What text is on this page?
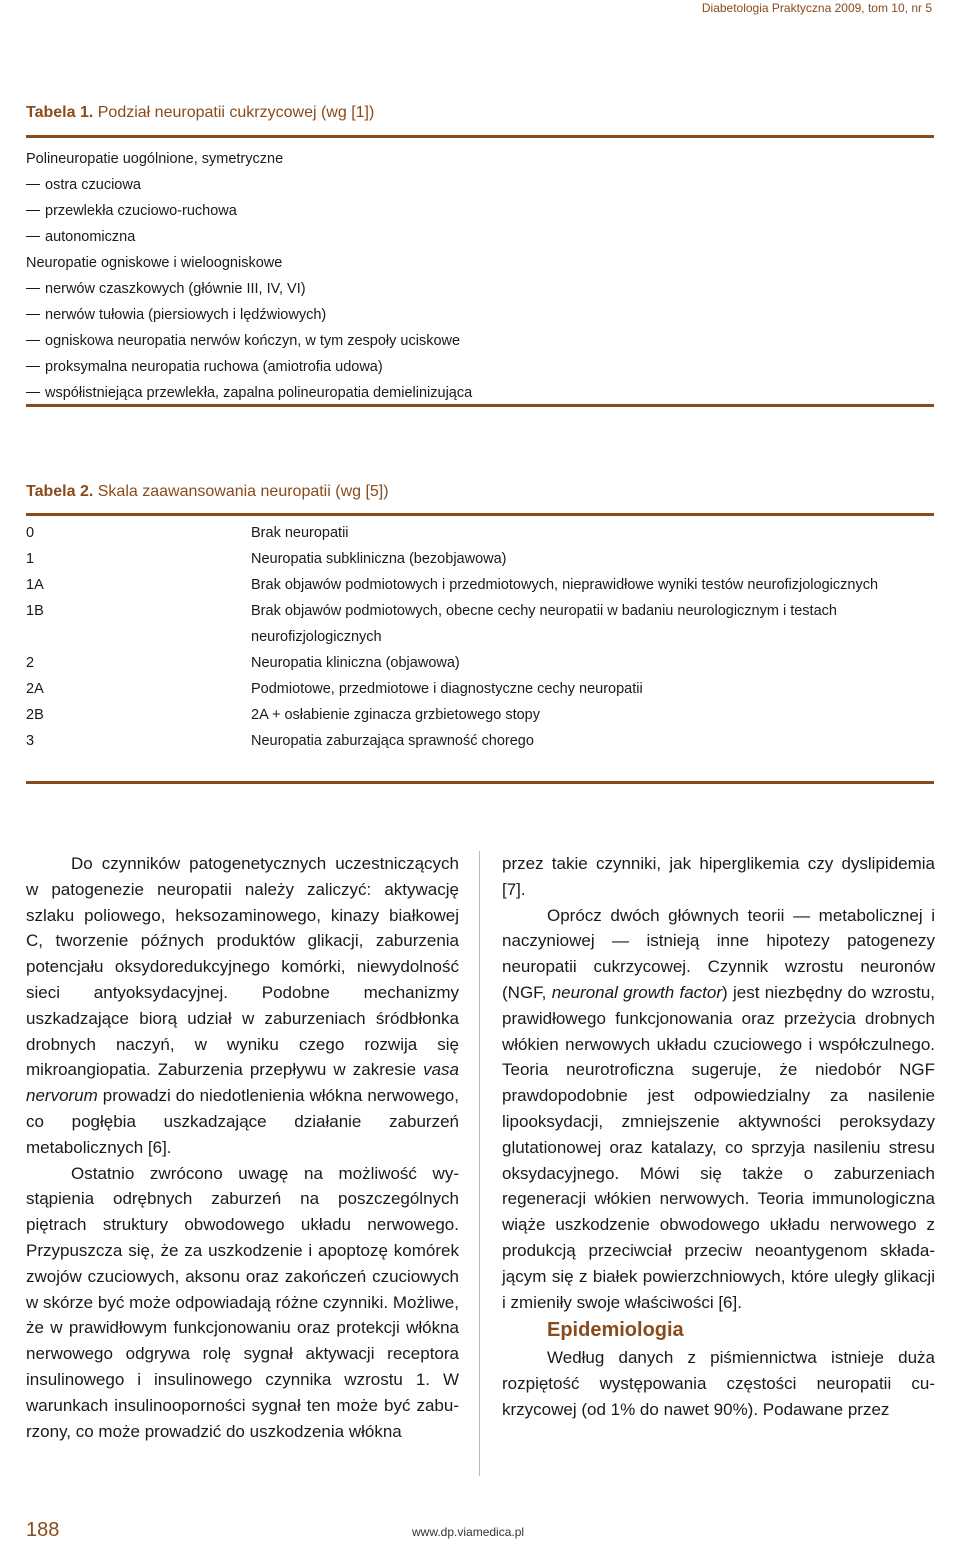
Diabetologia Praktyczna 2009, tom 10, nr 5
Tabela 1. Podział neuropatii cukrzycowej (wg [1])
Polineuropatie uogólnione, symetryczne
ostra czuciowa
przewlekła czuciowo-ruchowa
autonomiczna
Neuropatie ogniskowe i wieloogniskowe
nerwów czaszkowych (głównie III, IV, VI)
nerwów tułowia (piersiowych i lędźwiowych)
ogniskowa neuropatia nerwów kończyn, w tym zespoły uciskowe
proksymalna neuropatia ruchowa (amiotrofia udowa)
współistniejąca przewlekła, zapalna polineuropatia demielinizująca
Tabela 2. Skala zaawansowania neuropatii (wg [5])
0	Brak neuropatii
1	Neuropatia subkliniczna (bezobjawowa)
1A	Brak objawów podmiotowych i przedmiotowych, nieprawidłowe wyniki testów neurofizjologicznych
1B	Brak objawów podmiotowych, obecne cechy neuropatii w badaniu neurologicznym i testach neurofizjologicznych
2	Neuropatia kliniczna (objawowa)
2A	Podmiotowe, przedmiotowe i diagnostyczne cechy neuropatii
2B	2A + osłabienie zginacza grzbietowego stopy
3	Neuropatia zaburzająca sprawność chorego

Do czynników patogenetycznych uczestniczących w patogenezie neuropatii należy zaliczyć: aktywację szlaku poliowego, heksozaminowego, kinazy białkowej C, tworzenie późnych produktów glikacji, zaburzenia potencjału oksydoredukcyjnego komórki, niewydolność sieci antyoksydacyjnej. Podobne mechanizmy uszkadzające biorą udział w zaburzeniach śródbłonka drobnych naczyń, w wyniku czego rozwija się mikroangiopatia. Zaburzenia przepływu w zakresie vasa nervorum prowadzi do niedotlenienia włókna nerwowego, co pogłębia uszkadzające działanie zaburzeń metabolicznych [6].

Ostatnio zwrócono uwagę na możliwość wystąpienia odrębnych zaburzeń na poszczególnych piętrach struktury obwodowego układu nerwowego. Przypuszcza się, że za uszkodzenie i apoptozę komórek zwojów czuciowych, aksonu oraz zakończeń czuciowych w skórze być może odpowiadają różne czynniki. Możliwe, że w prawidłowym funkcjonowaniu oraz protekcji włókna nerwowego odgrywa rolę sygnał aktywacji receptora insulinowego i insulinowego czynnika wzrostu 1. W warunkach insulinooporności sygnał ten może być zaburzony, co może prowadzić do uszkodzenia włókna

przez takie czynniki, jak hiperglikemia czy dyslipidemia [7].

Oprócz dwóch głównych teorii — metabolicznej i naczyniowej — istnieją inne hipotezy patogenezy neuropatii cukrzycowej. Czynnik wzrostu neuronów (NGF, neuronal growth factor) jest niezbędny do wzrostu, prawidłowego funkcjonowania oraz przeżycia drobnych włókien nerwowych układu czuciowego i współczulnego. Teoria neurotroficzna sugeruje, że niedobór NGF prawdopodobnie jest odpowiedzialny za nasilenie lipooksydacji, zmniejszenie aktywności peroksydazy glutationowej oraz katalazy, co sprzyja nasileniu stresu oksydacyjnego. Mówi się także o zaburzeniach regeneracji włókien nerwowych. Teoria immunologiczna wiąże uszkodzenie obwodowego układu nerwowego z produkcją przeciwciał przeciw neoantygenom składającym się z białek powierzchniowych, które uległy glikacji i zmieniły swoje właściwości [6].

Epidemiologia

Według danych z piśmiennictwa istnieje duża rozpiętość występowania częstości neuropatii cukrzycowej (od 1% do nawet 90%). Podawane przez

188	www.dp.viamedica.pl
